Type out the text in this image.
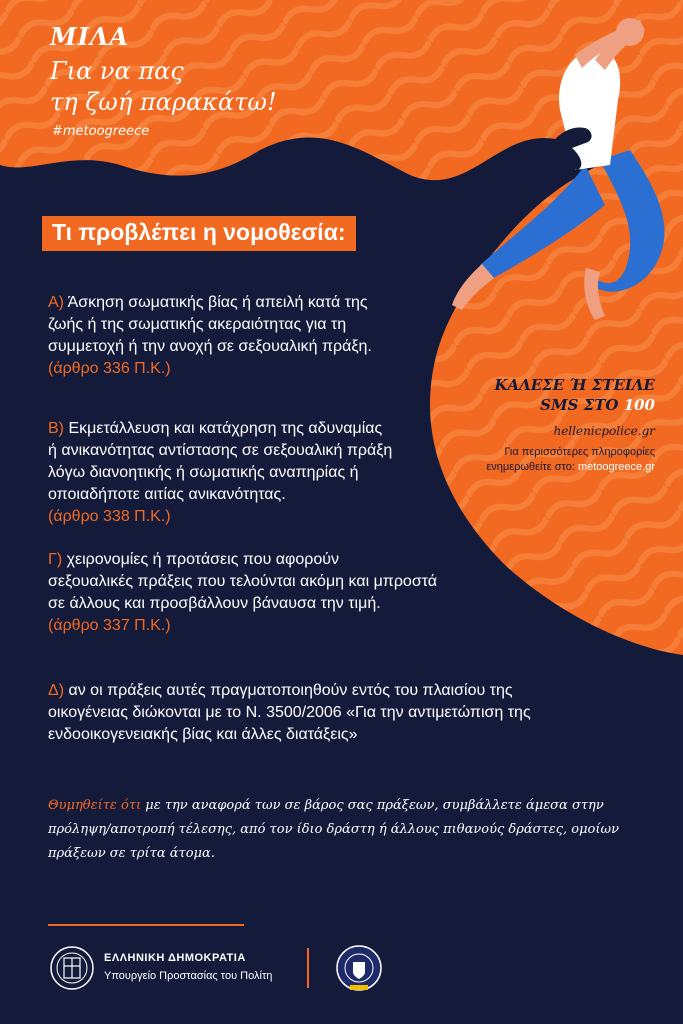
ΜΙΛΑ
Για να πας
τη ζωή παρακάτω!
#metoogreece
Τι προβλέπει η νομοθεσία:
Α) Άσκηση σωματικής βίας ή απειλή κατά της
ζωής ή της σωματικής ακεραιότητας για τη
συμμετοχή ή την ανοχή σε σεξουαλική πράξη.
(άρθρο 336 Π.Κ.)
Β) Εκμετάλλευση και κατάχρηση της αδυναμίας
ή ανικανότητας αντίστασης σε σεξουαλική πράξη
λόγω διανοητικής ή σωματικής αναπηρίας ή
οποιαδήποτε αιτίας ανικανότητας.
(άρθρο 338 Π.Κ.)
Γ) χειρονομίες ή προτάσεις που αφορούν
σεξουαλικές πράξεις που τελούνται ακόμη και μπροστά
σε άλλους και προσβάλλουν βάναυσα την τιμή.
(άρθρο 337 Π.Κ.)
Δ) αν οι πράξεις αυτές πραγματοποιηθούν εντός του πλαισίου της
οικογένειας διώκονται με το Ν. 3500/2006 «Για την αντιμετώπιση της
ενδοοικογενειακής βίας και άλλες διατάξεις»
ΚΑΛΕΣΕ Ή ΣΤΕΙΛΕ
SMS ΣΤΟ 100
hellenicpolice.gr
Για περισσότερες πληροφορίες
ενημερωθείτε στο: metoogreece.gr
Θυμηθείτε ότι με την αναφορά των σε βάρος σας πράξεων, συμβάλλετε άμεσα στην πρόληψη/αποτροπή τέλεσης, από τον ίδιο δράστη ή άλλους πιθανούς δράστες, ομοίων πράξεων σε τρίτα άτομα.
ΕΛΛΗΝΙΚΗ ΔΗΜΟΚΡΑΤΙΑ
Υπουργείο Προστασίας του Πολίτη
